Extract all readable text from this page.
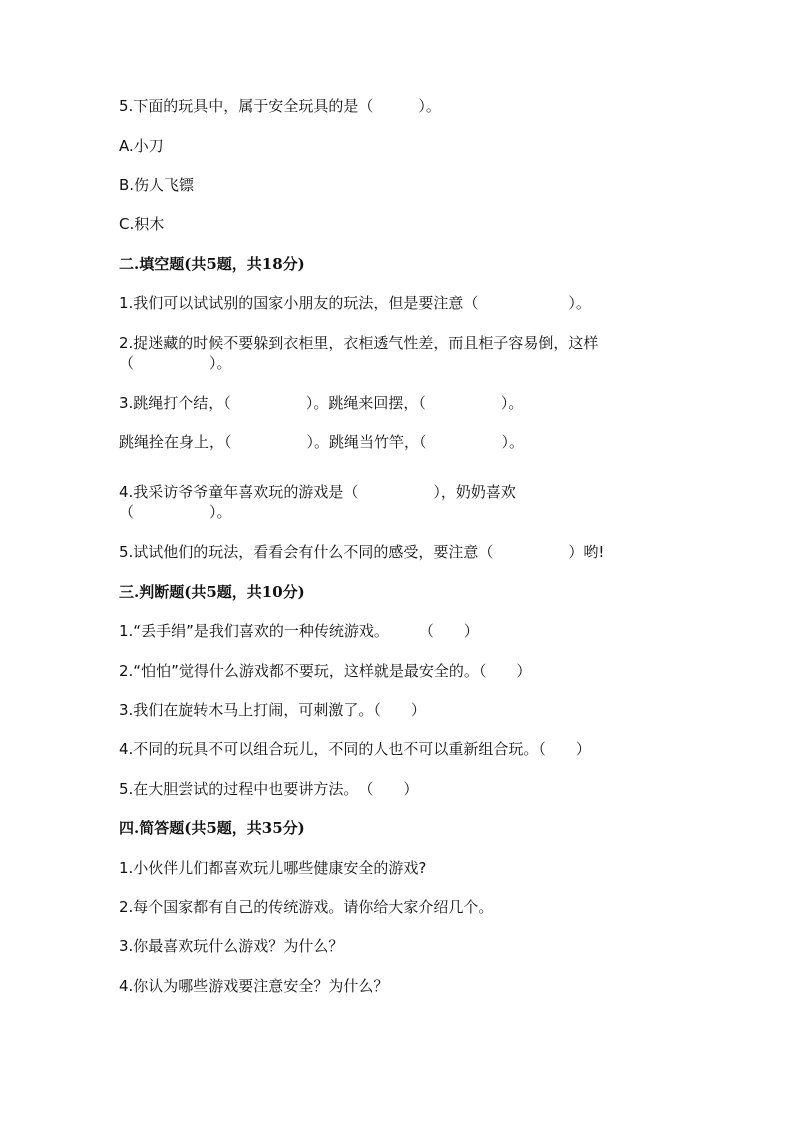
5.下面的玩具中，属于安全玩具的是（　　　）。
A.小刀
B.伤人飞镖
C.积木
二.填空题(共5题，共18分)
1.我们可以试试别的国家小朋友的玩法，但是要注意（　　　　　　）。
2.捉迷藏的时候不要躲到衣柜里，衣柜透气性差，而且柜子容易倒，这样
（　　　　　）。
3.跳绳打个结，（　　　　　）。跳绳来回摆，（　　　　　）。
跳绳拴在身上，（　　　　　）。跳绳当竹竿，（　　　　　）。
4.我采访爷爷童年喜欢玩的游戏是（　　　　　），奶奶喜欢
（　　　　　）。
5.试试他们的玩法，看看会有什么不同的感受，要注意（　　　　　）哟!
三.判断题(共5题，共10分)
1.“丢手绢”是我们喜欢的一种传统游戏。　　　（　　）
2.“怕怕”觉得什么游戏都不要玩，这样就是最安全的。（　　）
3.我们在旋转木马上打闹，可刺激了。（　　）
4.不同的玩具不可以组合玩儿，不同的人也不可以重新组合玩。（　　）
5.在大胆尝试的过程中也要讲方法。　（　　）
四.简答题(共5题，共35分)
1.小伙伴儿们都喜欢玩儿哪些健康安全的游戏?
2.每个国家都有自己的传统游戏。请你给大家介绍几个。
3.你最喜欢玩什么游戏？为什么？
4.你认为哪些游戏要注意安全？为什么？
